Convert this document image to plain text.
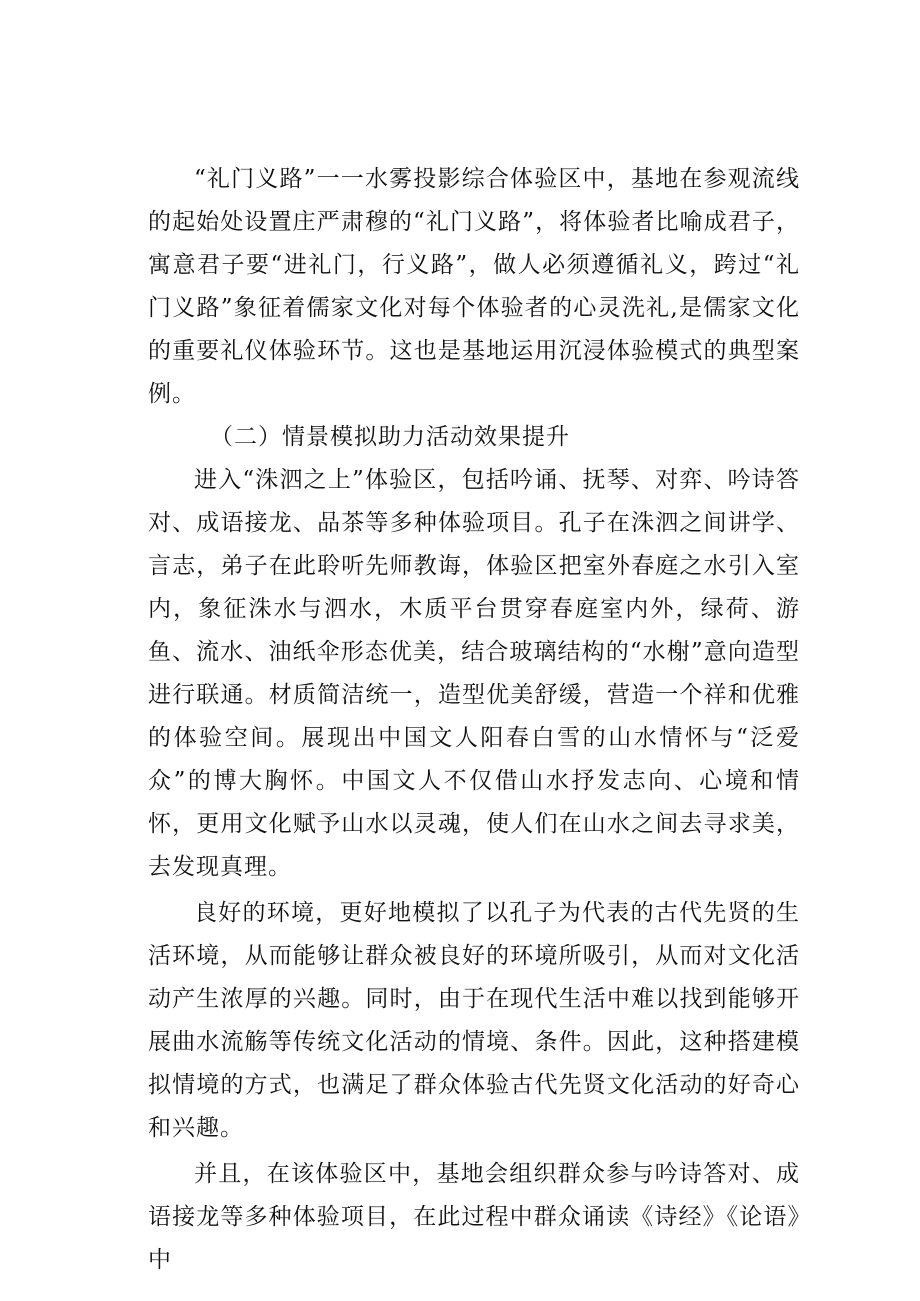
“礼门义路”一一水雾投影综合体验区中，基地在参观流线的起始处设置庄严肃穆的“礼门义路”，将体验者比喻成君子，寓意君子要“进礼门，行义路”，做人必须遵循礼义，跨过“礼门义路”象征着儒家文化对每个体验者的心灵洗礼,是儒家文化的重要礼仪体验环节。这也是基地运用沉浸体验模式的典型案例。

（二）情景模拟助力活动效果提升

进入“洙泗之上”体验区，包括吟诵、抚琴、对弈、吟诗答对、成语接龙、品茶等多种体验项目。孔子在洙泗之间讲学、言志，弟子在此聆听先师教诲，体验区把室外春庭之水引入室内，象征洙水与泗水，木质平台贯穿春庭室内外，绿荷、游鱼、流水、油纸伞形态优美，结合玻璃结构的“水榭”意向造型进行联通。材质简洁统一，造型优美舒缓，营造一个祥和优雅的体验空间。展现出中国文人阳春白雪的山水情怀与“泛爱众”的博大胸怀。中国文人不仅借山水抒发志向、心境和情怀，更用文化赋予山水以灵魂，使人们在山水之间去寻求美，去发现真理。

良好的环境，更好地模拟了以孔子为代表的古代先贤的生活环境，从而能够让群众被良好的环境所吸引，从而对文化活动产生浓厚的兴趣。同时，由于在现代生活中难以找到能够开展曲水流觞等传统文化活动的情境、条件。因此，这种搭建模拟情境的方式，也满足了群众体验古代先贤文化活动的好奇心和兴趣。

并且，在该体验区中，基地会组织群众参与吟诗答对、成语接龙等多种体验项目，在此过程中群众诵读《诗经》《论语》中
